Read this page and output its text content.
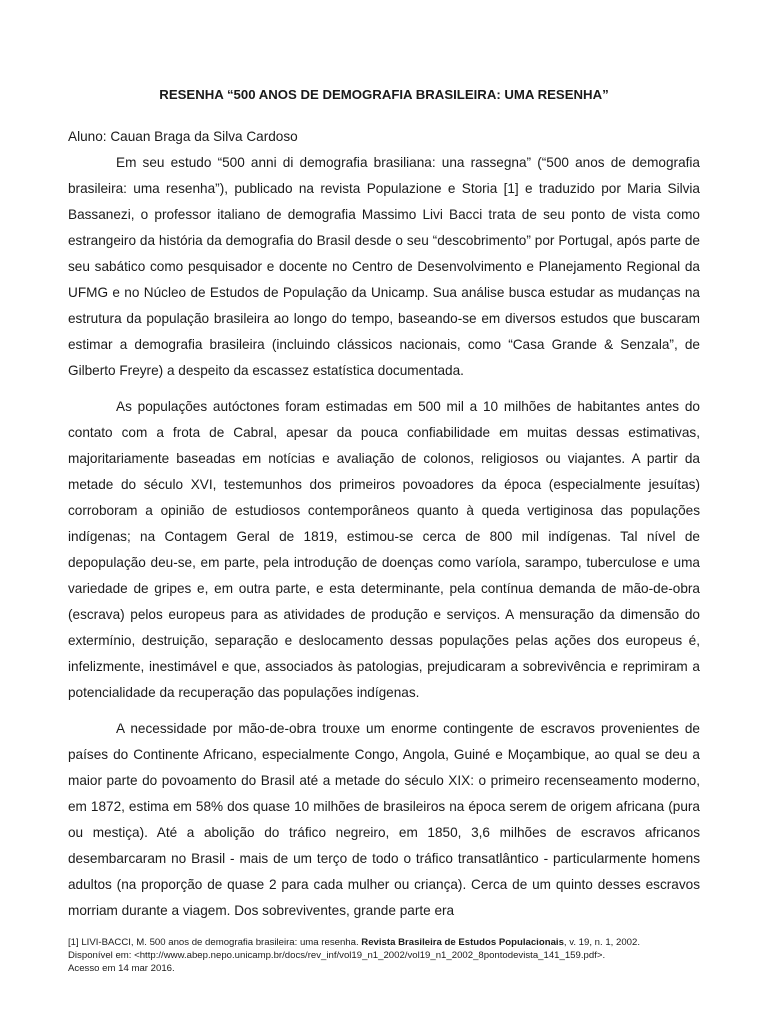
RESENHA “500 ANOS DE DEMOGRAFIA BRASILEIRA: UMA RESENHA”

Aluno: Cauan Braga da Silva Cardoso

Em seu estudo “500 anni di demografia brasiliana: una rassegna” (“500 anos de demografia brasileira: uma resenha”), publicado na revista Populazione e Storia [1] e traduzido por Maria Silvia Bassanezi, o professor italiano de demografia Massimo Livi Bacci trata de seu ponto de vista como estrangeiro da história da demografia do Brasil desde o seu “descobrimento” por Portugal, após parte de seu sabático como pesquisador e docente no Centro de Desenvolvimento e Planejamento Regional da UFMG e no Núcleo de Estudos de População da Unicamp. Sua análise busca estudar as mudanças na estrutura da população brasileira ao longo do tempo, baseando-se em diversos estudos que buscaram estimar a demografia brasileira (incluindo clássicos nacionais, como “Casa Grande & Senzala”, de Gilberto Freyre) a despeito da escassez estatística documentada.

As populações autóctones foram estimadas em 500 mil a 10 milhões de habitantes antes do contato com a frota de Cabral, apesar da pouca confiabilidade em muitas dessas estimativas, majoritariamente baseadas em notícias e avaliação de colonos, religiosos ou viajantes. A partir da metade do século XVI, testemunhos dos primeiros povoadores da época (especialmente jesuítas) corroboram a opinião de estudiosos contemporâneos quanto à queda vertiginosa das populações indígenas; na Contagem Geral de 1819, estimou-se cerca de 800 mil indígenas. Tal nível de depopulação deu-se, em parte, pela introdução de doenças como varíola, sarampo, tuberculose e uma variedade de gripes e, em outra parte, e esta determinante, pela contínua demanda de mão-de-obra (escrava) pelos europeus para as atividades de produção e serviços. A mensuração da dimensão do extermínio, destruição, separação e deslocamento dessas populações pelas ações dos europeus é, infelizmente, inestimável e que, associados às patologias, prejudicaram a sobrevivência e reprimiram a potencialidade da recuperação das populações indígenas.

A necessidade por mão-de-obra trouxe um enorme contingente de escravos provenientes de países do Continente Africano, especialmente Congo, Angola, Guiné e Moçambique, ao qual se deu a maior parte do povoamento do Brasil até a metade do século XIX: o primeiro recenseamento moderno, em 1872, estima em 58% dos quase 10 milhões de brasileiros na época serem de origem africana (pura ou mestiça). Até a abolição do tráfico negreiro, em 1850, 3,6 milhões de escravos africanos desembarcaram no Brasil - mais de um terço de todo o tráfico transatlântico - particularmente homens adultos (na proporção de quase 2 para cada mulher ou criança). Cerca de um quinto desses escravos morriam durante a viagem. Dos sobreviventes, grande parte era

[1] LIVI-BACCI, M. 500 anos de demografia brasileira: uma resenha. Revista Brasileira de Estudos Populacionais, v. 19, n. 1, 2002.
Disponível em: <http://www.abep.nepo.unicamp.br/docs/rev_inf/vol19_n1_2002/vol19_n1_2002_8pontodevista_141_159.pdf>.
Acesso em 14 mar 2016.
